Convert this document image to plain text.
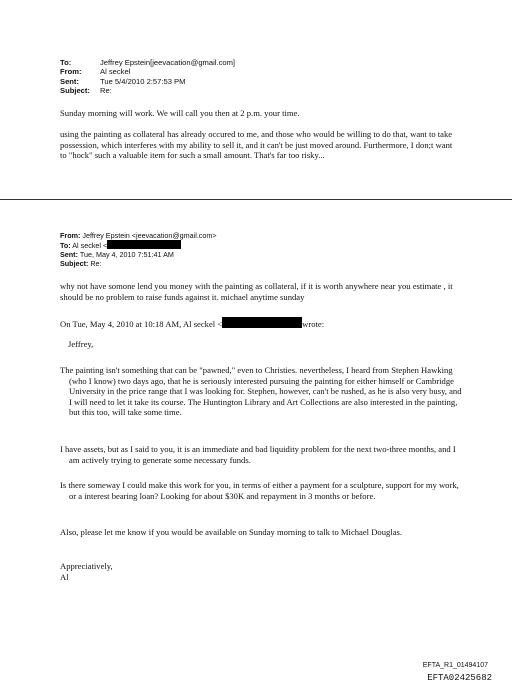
To:	Jeffrey Epstein[jeevacation@gmail.com]
From:	Al seckel
Sent:	Tue 5/4/2010 2:57:53 PM
Subject:	Re:
Sunday morning will work. We will call you then at 2 p.m. your time.
using the painting as collateral has already occured to me, and those who would be willing to do that, want to take possession, which interferes with my ability to sell it, and it can't be just moved around. Furthermore, I don;t want to "hock" such a valuable item for such a small amount. That's far too risky...
From: Jeffrey Epstein <jeevacation@gmail.com>
To: Al seckel <
Sent: Tue, May 4, 2010 7:51:41 AM
Subject: Re:
why not have somone lend you money with the painting as collateral, if it is worth anywhere near you estimate , it should be no problem to raise funds against it. michael anytime sunday
On Tue, May 4, 2010 at 10:18 AM, Al seckel <	wrote:
Jeffrey,
The painting isn't something that can be "pawned," even to Christies. nevertheless, I heard from Stephen Hawking (who I know) two days ago, that he is seriously interested pursuing the painting for either himself or Cambridge University in the price range that I was looking for. Stephen, however, can't be rushed, as he is also very busy, and I will need to let it take its course. The Huntington Library and Art Collections are also interested in the painting, but this too, will take some time.
I have assets, but as I said to you, it is an immediate and bad liquidity problem for the next two-three months, and I am actively trying to generate some necessary funds.
Is there someway I could make this work for you, in terms of either a payment for a sculpture, support for my work, or a interest bearing loan? Looking for about $30K and repayment in 3 months or before.
Also, please let me know if you would be available on Sunday morning to talk to Michael Douglas.
Appreciatively,
Al
EFTA_R1_01494107
EFTA02425682
